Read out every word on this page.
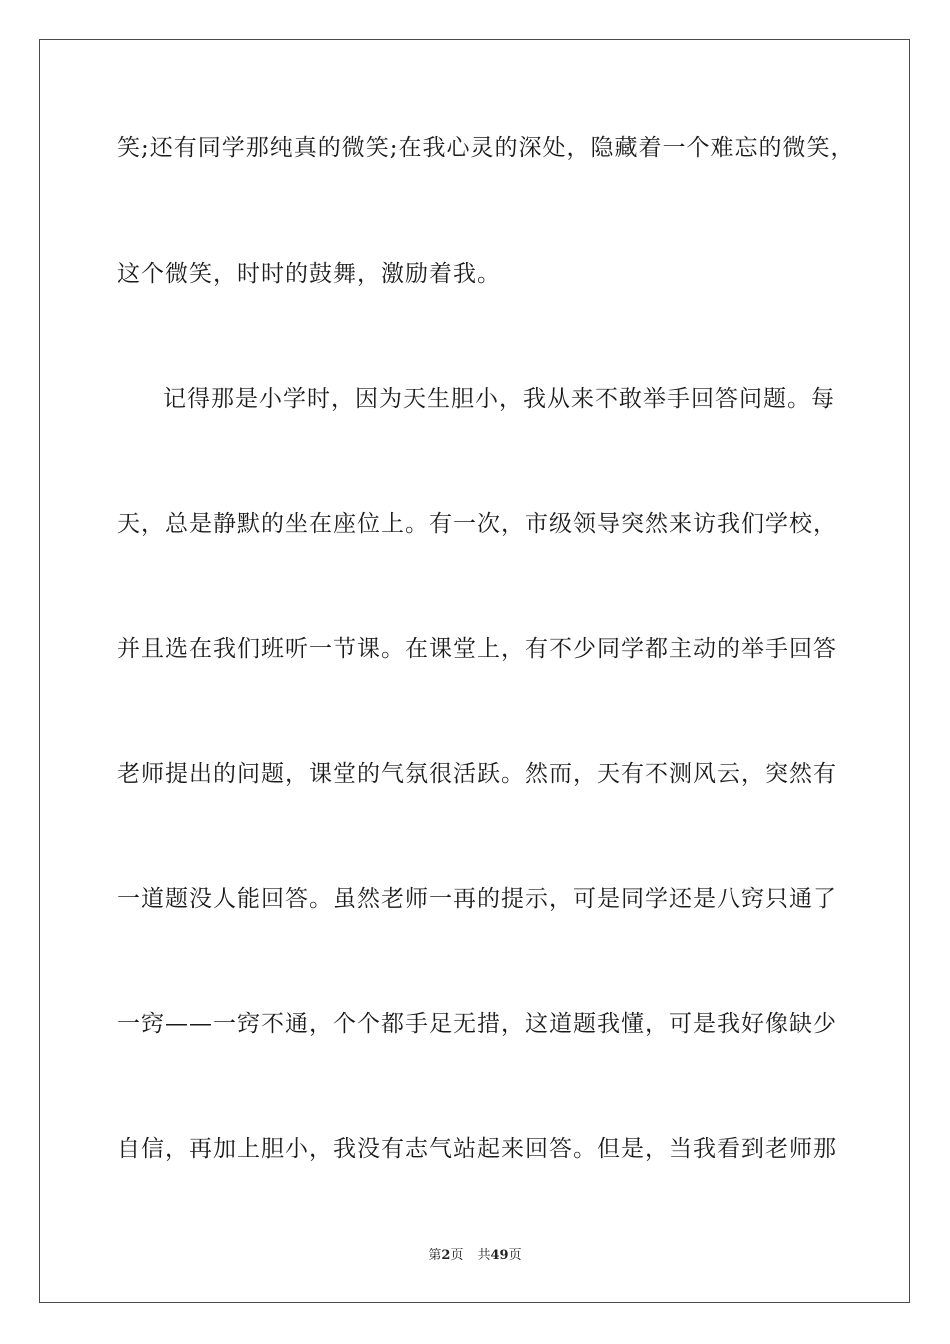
笑;还有同学那纯真的微笑;在我心灵的深处，隐藏着一个难忘的微笑，
这个微笑，时时的鼓舞，激励着我。
记得那是小学时，因为天生胆小，我从来不敢举手回答问题。每
天，总是静默的坐在座位上。有一次，市级领导突然来访我们学校，
并且选在我们班听一节课。在课堂上，有不少同学都主动的举手回答
老师提出的问题，课堂的气氛很活跃。然而，天有不测风云，突然有
一道题没人能回答。虽然老师一再的提示，可是同学还是八窍只通了
一窍——一窍不通，个个都手足无措，这道题我懂，可是我好像缺少
自信，再加上胆小，我没有志气站起来回答。但是，当我看到老师那
第2页 共49页
